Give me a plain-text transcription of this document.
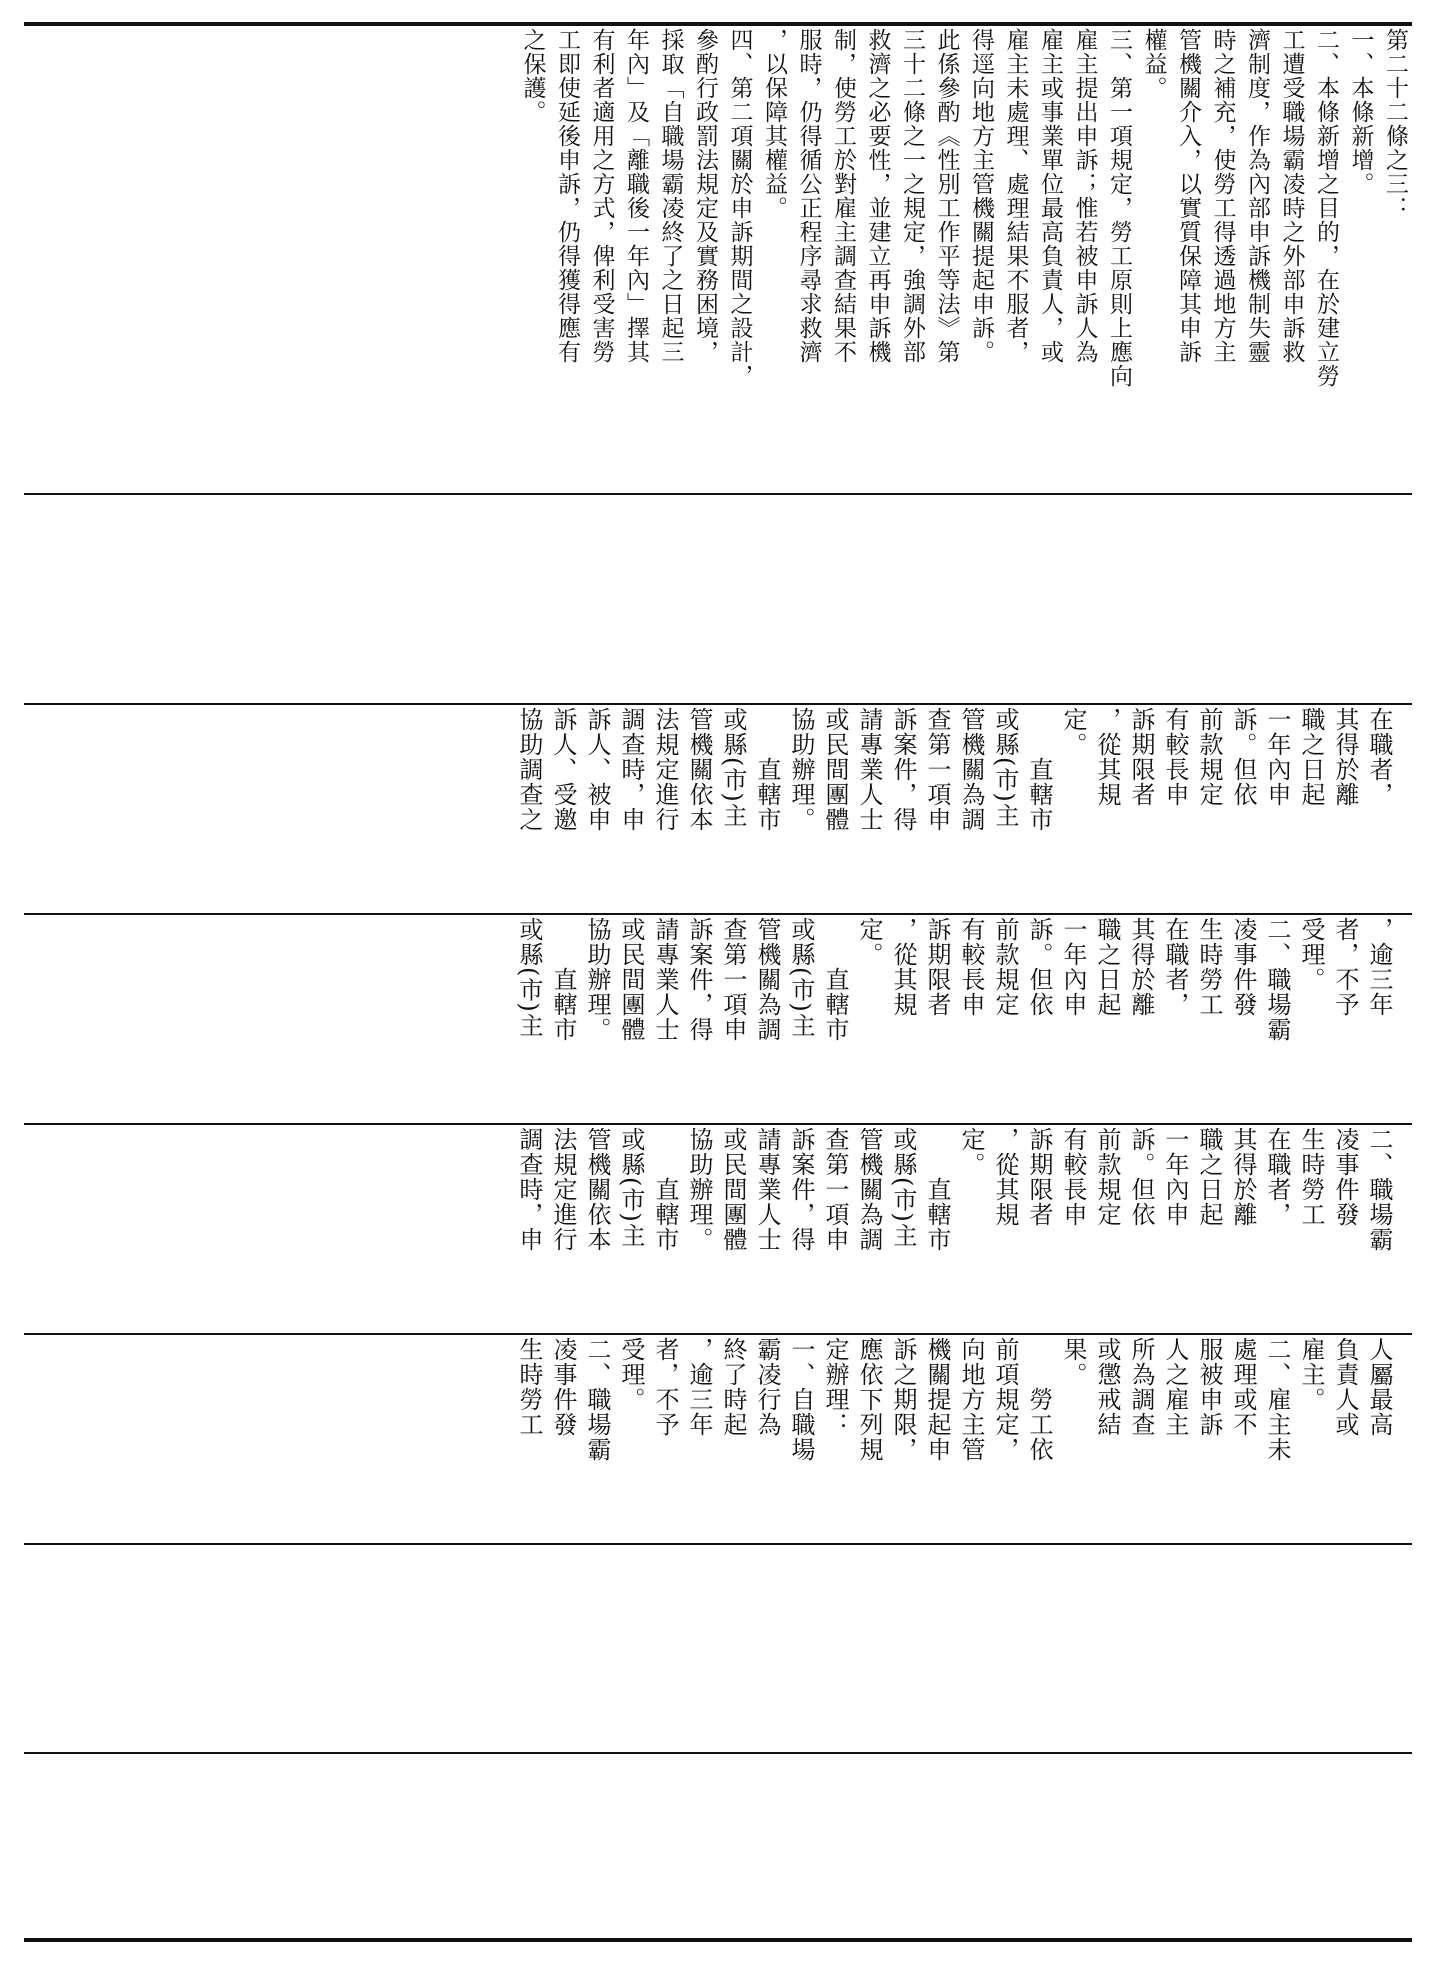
第二十二條之三：

一、本條新增。

二、本條新增之目的，在於建立勞

工遭受職場霸凌時之外部申訴救

濟制度，作為內部申訴機制失靈

時之補充，使勞工得透過地方主

管機關介入，以實質保障其申訴

權益。

三、第一項規定，勞工原則上應向

雇主提出申訴；惟若被申訴人為

雇主或事業單位最高負責人，或

雇主未處理、處理結果不服者，

得逕向地方主管機關提起申訴。

此係參酌《性別工作平等法》第

三十二條之一之規定，強調外部

救濟之必要性，並建立再申訴機

制，使勞工於對雇主調查結果不

服時，仍得循公正程序尋求救濟

，以保障其權益。

四、第二項關於申訴期間之設計，

參酌行政罰法規定及實務困境，

採取「自職場霸凌終了之日起三

年內」及「離職後一年內」擇其

有利者適用之方式，俾利受害勞

工即使延後申訴，仍得獲得應有

之保護。

在職者，

其得於離

職之日起

一年內申

訴。但依

前款規定

有較長申

訴期限者

，從其規

定。

　　直轄市

或縣(市)主

管機關為調

查第一項申

訴案件，得

請專業人士

或民間團體

協助辦理。

　　直轄市

或縣(市)主

管機關依本

法規定進行

調查時，申

訴人、被申

訴人、受邀

協助調查之

，逾三年

者，不予

受理。

二、職場霸

凌事件發

生時勞工

在職者，

其得於離

職之日起

一年內申

訴。但依

前款規定

有較長申

訴期限者

，從其規

定。

　　直轄市

或縣(市)主

管機關為調

查第一項申

訴案件，得

請專業人士

或民間團體

協助辦理。

　　直轄市

或縣(市)主

二、職場霸

凌事件發

生時勞工

在職者，

其得於離

職之日起

一年內申

訴。但依

前款規定

有較長申

訴期限者

，從其規

定。

　　直轄市

或縣(市)主

管機關為調

查第一項申

訴案件，得

請專業人士

或民間團體

協助辦理。

　　直轄市

或縣(市)主

管機關依本

法規定進行

調查時，申

人屬最高

負責人或

雇主。

二、雇主未

處理或不

服被申訴

人之雇主

所為調查

或懲戒結

果。

　　勞工依

前項規定，

向地方主管

機關提起申

訴之期限，

應依下列規

定辦理：

一、自職場

霸凌行為

終了時起

，逾三年

者，不予

受理。

二、職場霸

凌事件發

生時勞工
